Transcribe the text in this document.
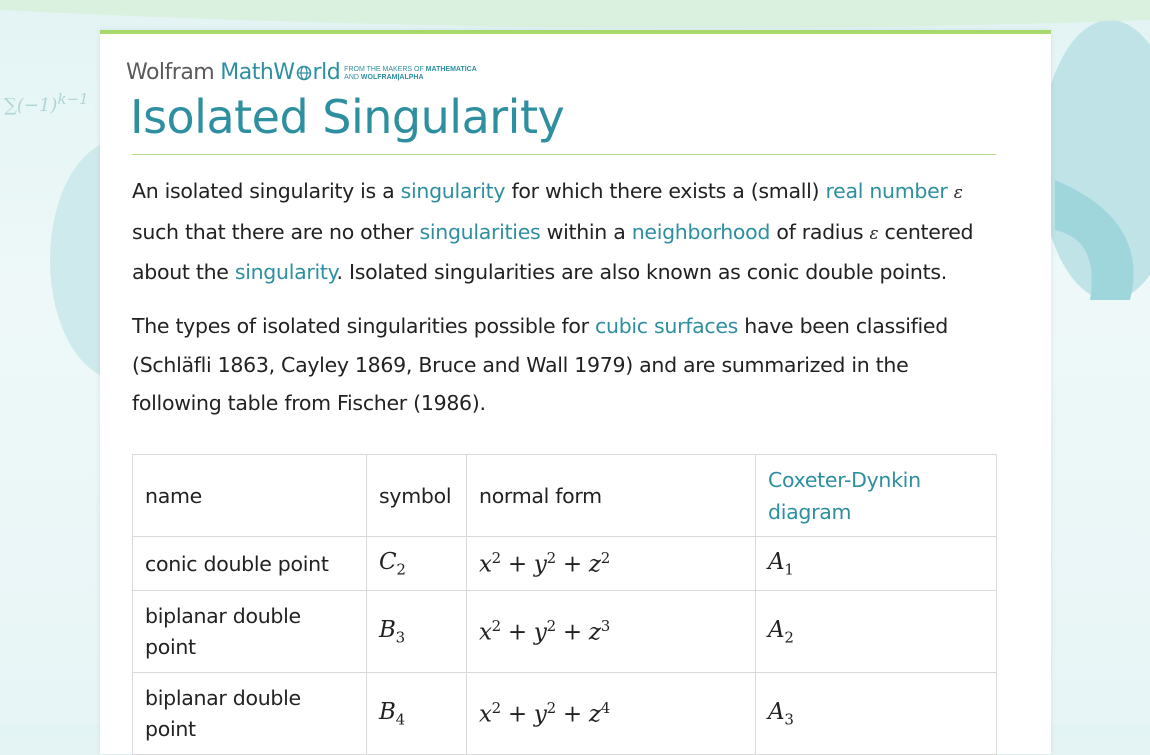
$\sum(-1)^{k-1}$
Wolfram MathW rld FROM THE MAKERS OF MATHEMATICA
AND WOLFRAM|ALPHA
Isolated Singularity
An isolated singularity is a singularity for which there exists a (small) real number ε such that there are no other singularities within a neighborhood of radius ε centered about the singularity. Isolated singularities are also known as conic double points.
The types of isolated singularities possible for cubic surfaces have been classified (Schläfli 1863, Cayley 1869, Bruce and Wall 1979) and are summarized in the following table from Fischer (1986).
name	symbol	normal form	Coxeter-Dynkin diagram

conic double point	$C_2$	$x^2 + y^2 + z^2$	$A_1$
biplanar double point	$B_3$	$x^2 + y^2 + z^3$	$A_2$
biplanar double point	$B_4$	$x^2 + y^2 + z^4$	$A_3$
